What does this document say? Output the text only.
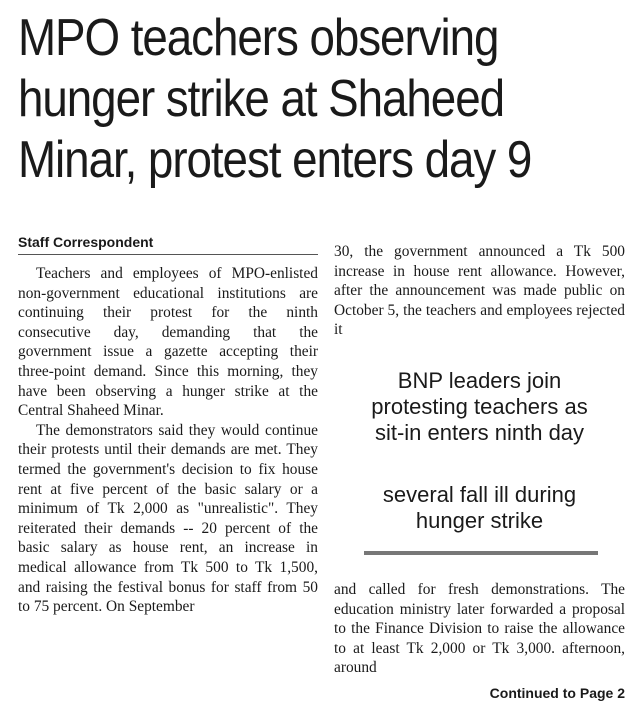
MPO teachers observing
hunger strike at Shaheed
Minar, protest enters day 9
Staff Correspondent

Teachers and employees of MPO-enlisted non-government educational institutions are continuing their protest for the ninth consecutive day, demanding that the government issue a gazette accepting their three-point demand. Since this morning, they have been observing a hunger strike at the Central Shaheed Minar.

The demonstrators said they would continue their protests until their demands are met. They termed the government's decision to fix house rent at five percent of the basic salary or a minimum of Tk 2,000 as "unrealistic". They reiterated their demands -- 20 percent of the basic salary as house rent, an increase in medical allowance from Tk 500 to Tk 1,500, and raising the festival bonus for staff from 50 to 75 percent. On September

30, the government announced a Tk 500 increase in house rent allowance. However, after the announcement was made public on October 5, the teachers and employees rejected it

BNP leaders join
protesting teachers as
sit-in enters ninth day
several fall ill during
hunger strike

and called for fresh demonstrations. The education ministry later forwarded a proposal to the Finance Division to raise the allowance to at least Tk 2,000 or Tk 3,000. afternoon, around

Continued to Page 2
